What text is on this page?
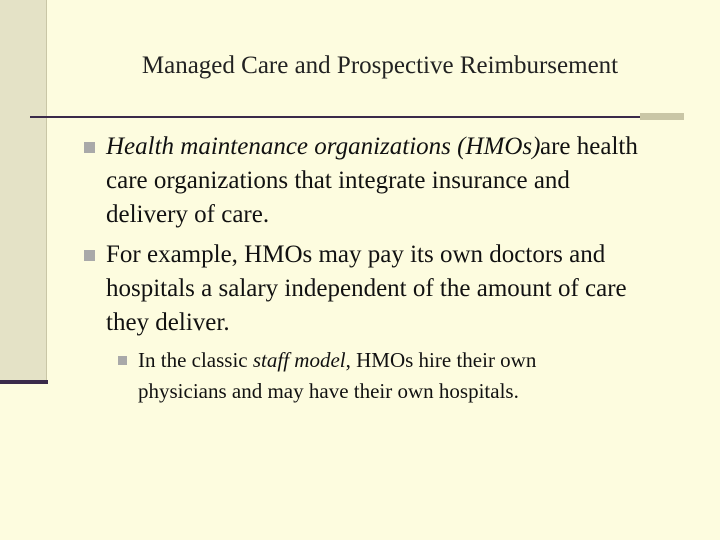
Managed Care and Prospective Reimbursement
Health maintenance organizations (HMOs) are health
care organizations that integrate insurance and
delivery of care.
For example, HMOs may pay its own doctors and
hospitals a salary independent of the amount of care
they deliver.
In the classic staff model, HMOs hire their own
physicians and may have their own hospitals.
